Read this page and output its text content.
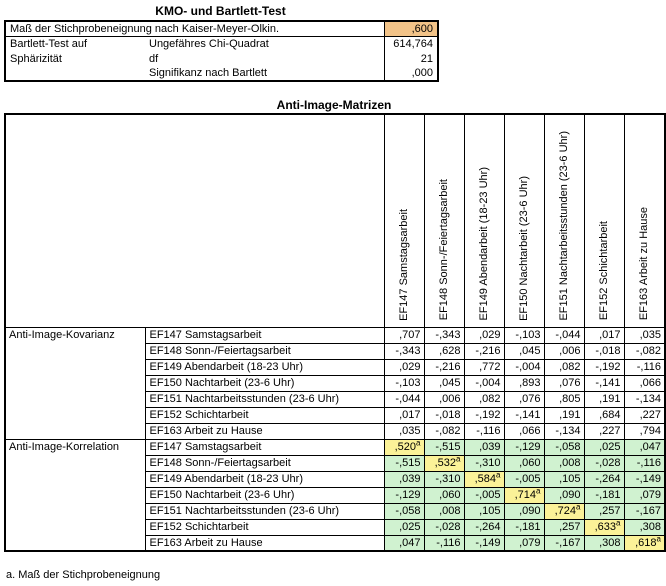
KMO- und Bartlett-Test
Maß der Stichprobeneignung nach Kaiser-Meyer-Olkin.		,600

Bartlett-Test auf
Sphärizität	Ungefähres Chi-Quadrat	614,764
	df	21
	Signifikanz nach Bartlett	,000
Anti-Image-Matrizen
		EF147 Samstagsarbeit	EF148 Sonn-/Feiertagsarbeit	EF149 Abendarbeit (18-23 Uhr)	EF150 Nachtarbeit (23-6 Uhr)	EF151 Nachtarbeitsstunden (23-6 Uhr)	EF152 Schichtarbeit	EF163 Arbeit zu Hause
Anti-Image-Kovarianz	EF147 Samstagsarbeit	,707	-,343	,029	-,103	-,044	,017	,035
	EF148 Sonn-/Feiertagsarbeit	-,343	,628	-,216	,045	,006	-,018	-,082
	EF149 Abendarbeit (18-23 Uhr)	,029	-,216	,772	-,004	,082	-,192	-,116
	EF150 Nachtarbeit (23-6 Uhr)	-,103	,045	-,004	,893	,076	-,141	,066
	EF151 Nachtarbeitsstunden (23-6 Uhr)	-,044	,006	,082	,076	,805	,191	-,134
	EF152 Schichtarbeit	,017	-,018	-,192	-,141	,191	,684	,227
	EF163 Arbeit zu Hause	,035	-,082	-,116	,066	-,134	,227	,794
Anti-Image-Korrelation	EF147 Samstagsarbeit	,520$^a$	-,515	,039	-,129	-,058	,025	,047
	EF148 Sonn-/Feiertagsarbeit	-,515	,532$^a$	-,310	,060	,008	-,028	-,116
	EF149 Abendarbeit (18-23 Uhr)	,039	-,310	,584$^a$	-,005	,105	-,264	-,149
	EF150 Nachtarbeit (23-6 Uhr)	-,129	,060	-,005	,714$^a$	,090	-,181	,079
	EF151 Nachtarbeitsstunden (23-6 Uhr)	-,058	,008	,105	,090	,724$^a$	,257	-,167
	EF152 Schichtarbeit	,025	-,028	-,264	-,181	,257	,633$^a$	,308
	EF163 Arbeit zu Hause	,047	-,116	-,149	,079	-,167	,308	,618$^a$
a. Maß der Stichprobeneignung
